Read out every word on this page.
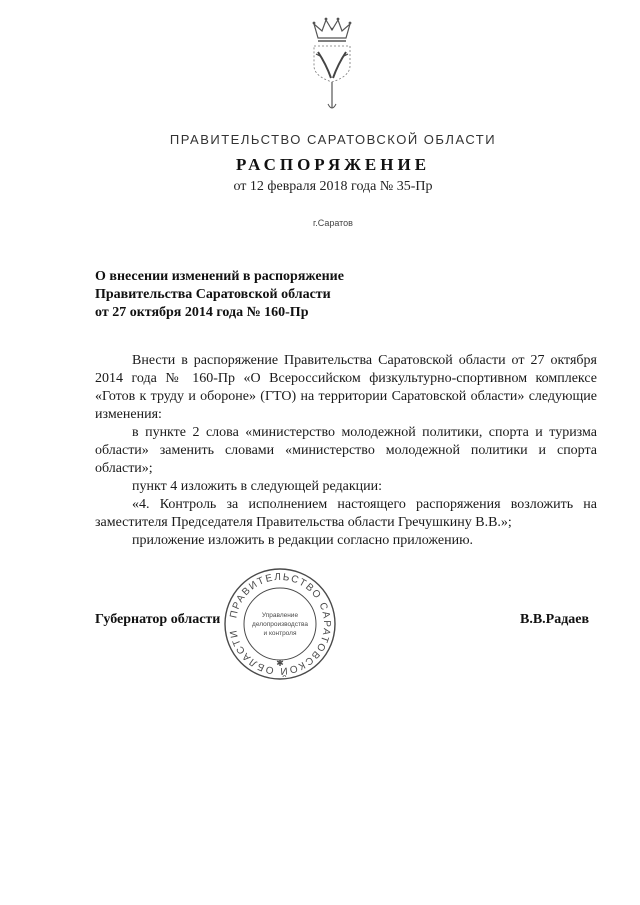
ПРАВИТЕЛЬСТВО САРАТОВСКОЙ ОБЛАСТИ
РАСПОРЯЖЕНИЕ
от 12 февраля 2018 года № 35-Пр
г.Саратов
О внесении изменений в распоряжение
Правительства Саратовской области
от 27 октября 2014 года № 160-Пр

Внести в распоряжение Правительства Саратовской области от 27 октября 2014 года № 160-Пр «О Всероссийском физкультурно-спортивном комплексе «Готов к труду и обороне» (ГТО) на территории Саратовской области» следующие изменения:

в пункте 2 слова «министерство молодежной политики, спорта и туризма области» заменить словами «министерство молодежной политики и спорта области»;

пункт 4 изложить в следующей редакции:

«4. Контроль за исполнением настоящего распоряжения возложить на заместителя Председателя Правительства области Гречушкину В.В.»;

приложение изложить в редакции согласно приложению.

Губернатор области	В.В.Радаев
ПРАВИТЕЛЬСТВО САРАТОВСКОЙ ОБЛАСТИ
Управление
делопроизводства
и контроля
✱
